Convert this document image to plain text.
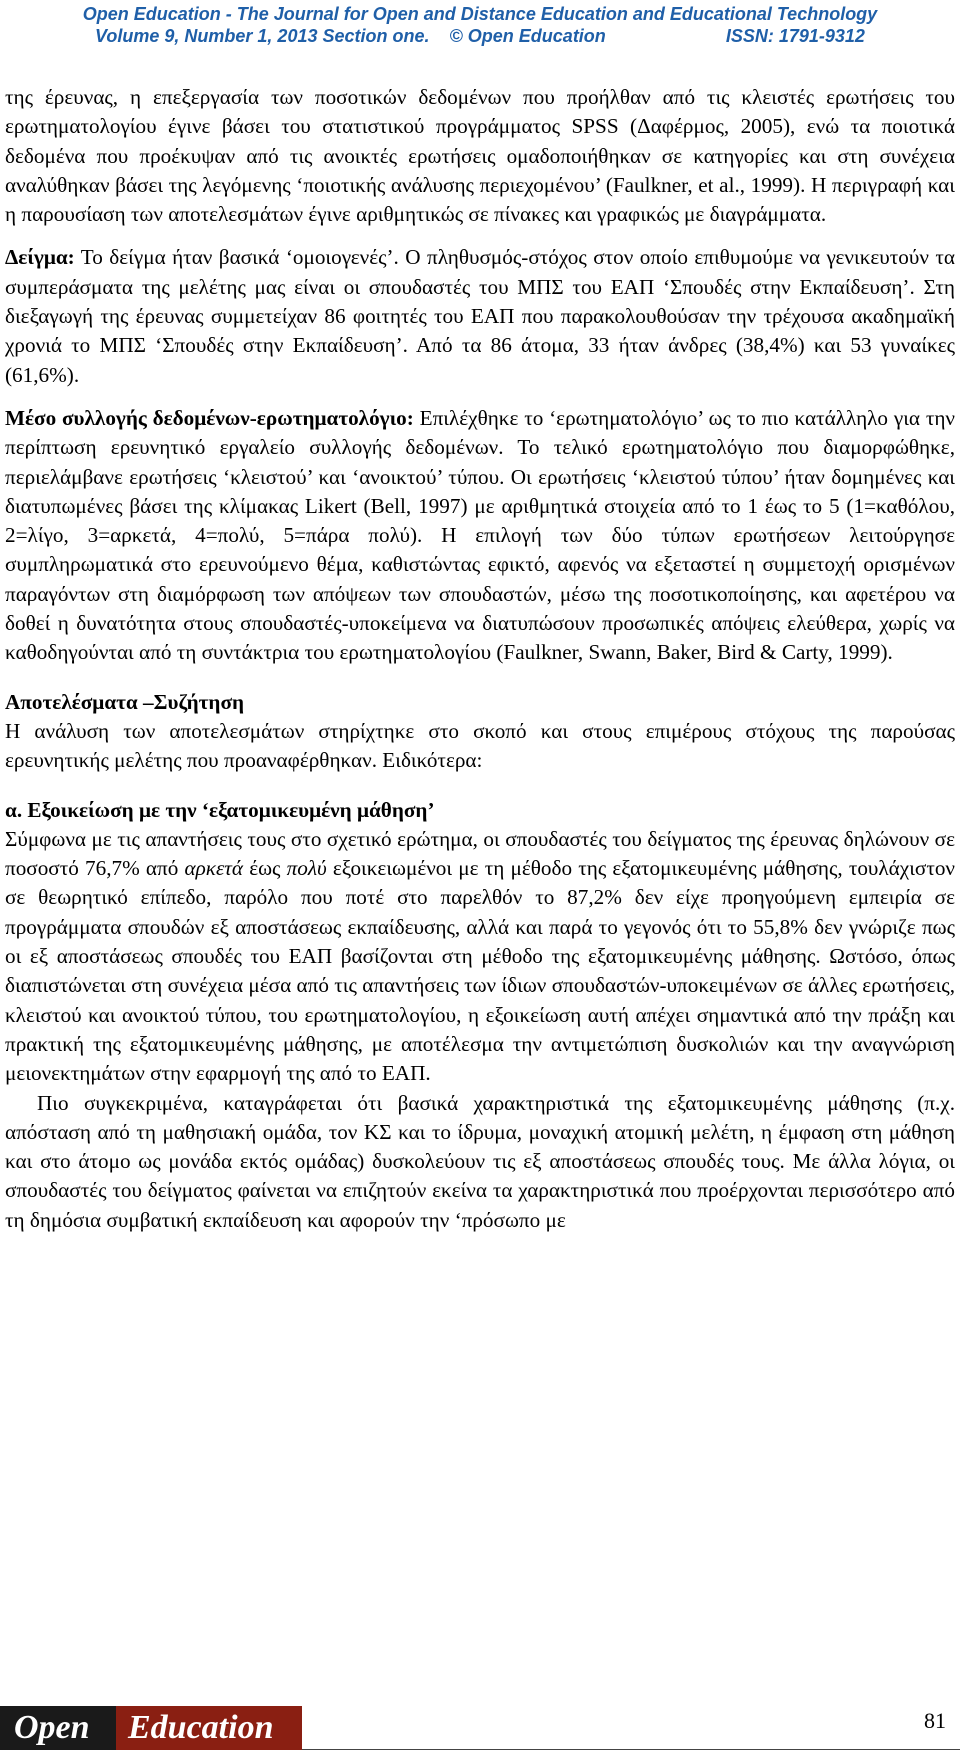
Open Education - The Journal for Open and Distance Education and Educational Technology
Volume 9, Number 1, 2013 Section one. © Open Education	ISSN: 1791-9312

της έρευνας, η επεξεργασία των ποσοτικών δεδομένων που προήλθαν από τις κλειστές ερωτήσεις του ερωτηματολογίου έγινε βάσει του στατιστικού προγράμματος SPSS (Δαφέρμος, 2005), ενώ τα ποιοτικά δεδομένα που προέκυψαν από τις ανοικτές ερωτήσεις ομαδοποιήθηκαν σε κατηγορίες και στη συνέχεια αναλύθηκαν βάσει της λεγόμενης ‘ποιοτικής ανάλυσης περιεχομένου’ (Faulkner, et al., 1999). Η περιγραφή και η παρουσίαση των αποτελεσμάτων έγινε αριθμητικώς σε πίνακες και γραφικώς με διαγράμματα.

Δείγμα: Το δείγμα ήταν βασικά ‘ομοιογενές’. Ο πληθυσμός-στόχος στον οποίο επιθυμούμε να γενικευτούν τα συμπεράσματα της μελέτης μας είναι οι σπουδαστές του ΜΠΣ του ΕΑΠ ‘Σπουδές στην Εκπαίδευση’. Στη διεξαγωγή της έρευνας συμμετείχαν 86 φοιτητές του ΕΑΠ που παρακολουθούσαν την τρέχουσα ακαδημαϊκή χρονιά το ΜΠΣ ‘Σπουδές στην Εκπαίδευση’. Από τα 86 άτομα, 33 ήταν άνδρες (38,4%) και 53 γυναίκες (61,6%).

Μέσο συλλογής δεδομένων-ερωτηματολόγιο: Επιλέχθηκε το ‘ερωτηματολόγιο’ ως το πιο κατάλληλο για την περίπτωση ερευνητικό εργαλείο συλλογής δεδομένων. Το τελικό ερωτηματολόγιο που διαμορφώθηκε, περιελάμβανε ερωτήσεις ‘κλειστού’ και ‘ανοικτού’ τύπου. Οι ερωτήσεις ‘κλειστού τύπου’ ήταν δομημένες και διατυπωμένες βάσει της κλίμακας Likert (Bell, 1997) με αριθμητικά στοιχεία από το 1 έως το 5 (1=καθόλου, 2=λίγο, 3=αρκετά, 4=πολύ, 5=πάρα πολύ). Η επιλογή των δύο τύπων ερωτήσεων λειτούργησε συμπληρωματικά στο ερευνούμενο θέμα, καθιστώντας εφικτό, αφενός να εξεταστεί η συμμετοχή ορισμένων παραγόντων στη διαμόρφωση των απόψεων των σπουδαστών, μέσω της ποσοτικοποίησης, και αφετέρου να δοθεί η δυνατότητα στους σπουδαστές-υποκείμενα να διατυπώσουν προσωπικές απόψεις ελεύθερα, χωρίς να καθοδηγούνται από τη συντάκτρια του ερωτηματολογίου (Faulkner, Swann, Baker, Bird & Carty, 1999).

Αποτελέσματα –Συζήτηση

Η ανάλυση των αποτελεσμάτων στηρίχτηκε στο σκοπό και στους επιμέρους στόχους της παρούσας ερευνητικής μελέτης που προαναφέρθηκαν. Ειδικότερα:

α. Εξοικείωση με την ‘εξατομικευμένη μάθηση’

Σύμφωνα με τις απαντήσεις τους στο σχετικό ερώτημα, οι σπουδαστές του δείγματος της έρευνας δηλώνουν σε ποσοστό 76,7% από αρκετά έως πολύ εξοικειωμένοι με τη μέθοδο της εξατομικευμένης μάθησης, τουλάχιστον σε θεωρητικό επίπεδο, παρόλο που ποτέ στο παρελθόν το 87,2% δεν είχε προηγούμενη εμπειρία σε προγράμματα σπουδών εξ αποστάσεως εκπαίδευσης, αλλά και παρά το γεγονός ότι το 55,8% δεν γνώριζε πως οι εξ αποστάσεως σπουδές του ΕΑΠ βασίζονται στη μέθοδο της εξατομικευμένης μάθησης. Ωστόσο, όπως διαπιστώνεται στη συνέχεια μέσα από τις απαντήσεις των ίδιων σπουδαστών-υποκειμένων σε άλλες ερωτήσεις, κλειστού και ανοικτού τύπου, του ερωτηματολογίου, η εξοικείωση αυτή απέχει σημαντικά από την πράξη και πρακτική της εξατομικευμένης μάθησης, με αποτέλεσμα την αντιμετώπιση δυσκολιών και την αναγνώριση μειονεκτημάτων στην εφαρμογή της από το ΕΑΠ.

Πιο συγκεκριμένα, καταγράφεται ότι βασικά χαρακτηριστικά της εξατομικευμένης μάθησης (π.χ. απόσταση από τη μαθησιακή ομάδα, τον ΚΣ και το ίδρυμα, μοναχική ατομική μελέτη, η έμφαση στη μάθηση και στο άτομο ως μονάδα εκτός ομάδας) δυσκολεύουν τις εξ αποστάσεως σπουδές τους. Με άλλα λόγια, οι σπουδαστές του δείγματος φαίνεται να επιζητούν εκείνα τα χαρακτηριστικά που προέρχονται περισσότερο από τη δημόσια συμβατική εκπαίδευση και αφορούν την ‘πρόσωπο με

Open	Education	81
